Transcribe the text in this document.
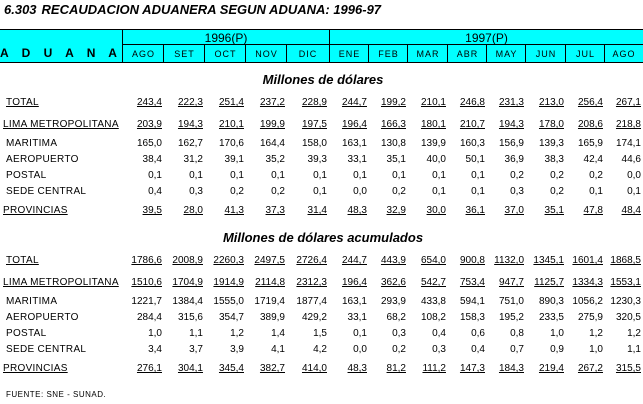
6.303 RECAUDACION ADUANERA SEGUN ADUANA: 1996-97
A D U A N A
1996(P)	1997(P)
AGO	SET	OCT	NOV	DIC	ENE	FEB	MAR	ABR	MAY	JUN	JUL	AGO
Millones de dólares
TOTAL	243,4	222,3	251,4	237,2	228,9	244,7	199,2	210,1	246,8	231,3	213,0	256,4	267,1
LIMA METROPOLITANA	203,9	194,3	210,1	199,9	197,5	196,4	166,3	180,1	210,7	194,3	178,0	208,6	218,8
MARITIMA	165,0	162,7	170,6	164,4	158,0	163,1	130,8	139,9	160,3	156,9	139,3	165,9	174,1
AEROPUERTO	38,4	31,2	39,1	35,2	39,3	33,1	35,1	40,0	50,1	36,9	38,3	42,4	44,6
POSTAL	0,1	0,1	0,1	0,1	0,1	0,1	0,1	0,1	0,1	0,2	0,2	0,2	0,0
SEDE CENTRAL	0,4	0,3	0,2	0,2	0,1	0,0	0,2	0,1	0,1	0,3	0,2	0,1	0,1
PROVINCIAS	39,5	28,0	41,3	37,3	31,4	48,3	32,9	30,0	36,1	37,0	35,1	47,8	48,4
Millones de dólares acumulados
TOTAL	1786,6	2008,9	2260,3	2497,5	2726,4	244,7	443,9	654,0	900,8 1132,0 1345,1 1601,4 1868,5
LIMA METROPOLITANA	1510,6	1704,9	1914,9	2114,8	2312,3	196,4	362,6	542,7	753,4	947,7	1125,7 1334,3 1553,1
MARITIMA	1221,7	1384,4	1555,0	1719,4	1877,4	163,1	293,9	433,8	594,1	751,0	890,3 1056,2 1230,3
AEROPUERTO	284,4	315,6	354,7	389,9	429,2	33,1	68,2	108,2	158,3	195,2	233,5	275,9	320,5
POSTAL	1,0	1,1	1,2	1,4	1,5	0,1	0,3	0,4	0,6	0,8	1,0	1,2	1,2
SEDE CENTRAL	3,4	3,7	3,9	4,1	4,2	0,0	0,2	0,3	0,4	0,7	0,9	1,0	1,1
PROVINCIAS	276,1	304,1	345,4	382,7	414,0	48,3	81,2	111,2	147,3	184,3	219,4	267,2	315,5
FUENTE: SNE - SUNAD.
